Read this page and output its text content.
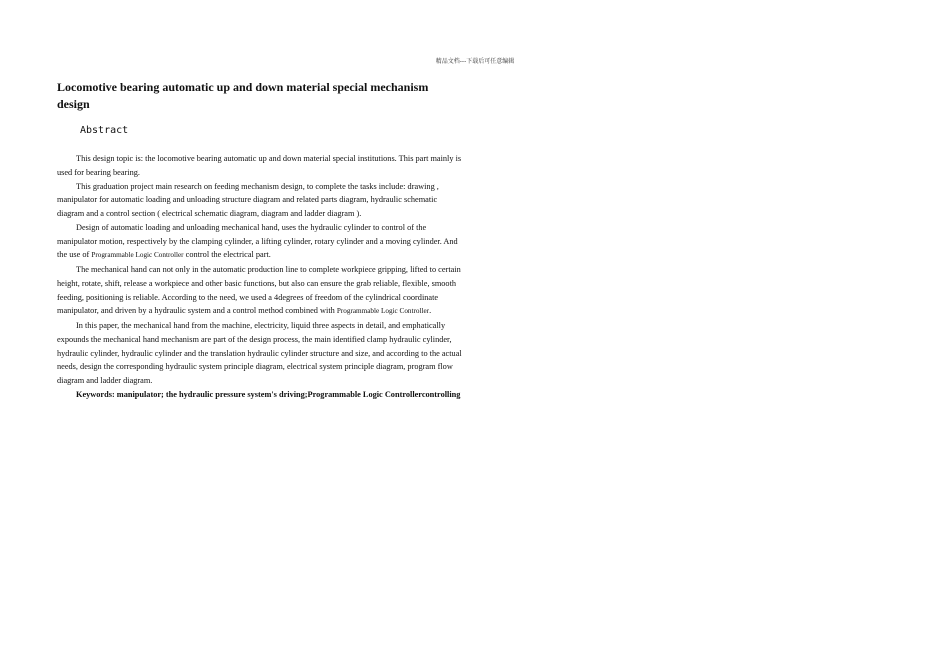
精品文档---下载后可任意编辑
Locomotive bearing automatic up and down material special mechanism design
Abstract

This design topic is: the locomotive bearing automatic up and down material special institutions. This part mainly is used for bearing bearing.

This graduation project main research on feeding mechanism design, to complete the tasks include: drawing , manipulator for automatic loading and unloading structure diagram and related parts diagram, hydraulic schematic diagram and a control section ( electrical schematic diagram, diagram and ladder diagram ).

Design of automatic loading and unloading mechanical hand, uses the hydraulic cylinder to control of the manipulator motion, respectively by the clamping cylinder, a lifting cylinder, rotary cylinder and a moving cylinder. And the use of Programmable Logic Controller control the electrical part.

The mechanical hand can not only in the automatic production line to complete workpiece gripping, lifted to certain height, rotate, shift, release a workpiece and other basic functions, but also can ensure the grab reliable, flexible, smooth feeding, positioning is reliable. According to the need, we used a 4degrees of freedom of the cylindrical coordinate manipulator, and driven by a hydraulic system and a control method combined with Programmable Logic Controller.

In this paper, the mechanical hand from the machine, electricity, liquid three aspects in detail, and emphatically expounds the mechanical hand mechanism are part of the design process, the main identified clamp hydraulic cylinder, hydraulic cylinder, hydraulic cylinder and the translation hydraulic cylinder structure and size, and according to the actual needs, design the corresponding hydraulic system principle diagram, electrical system principle diagram, program flow diagram and ladder diagram.

Keywords: manipulator; the hydraulic pressure system's driving;Programmable Logic Controllercontrolling
